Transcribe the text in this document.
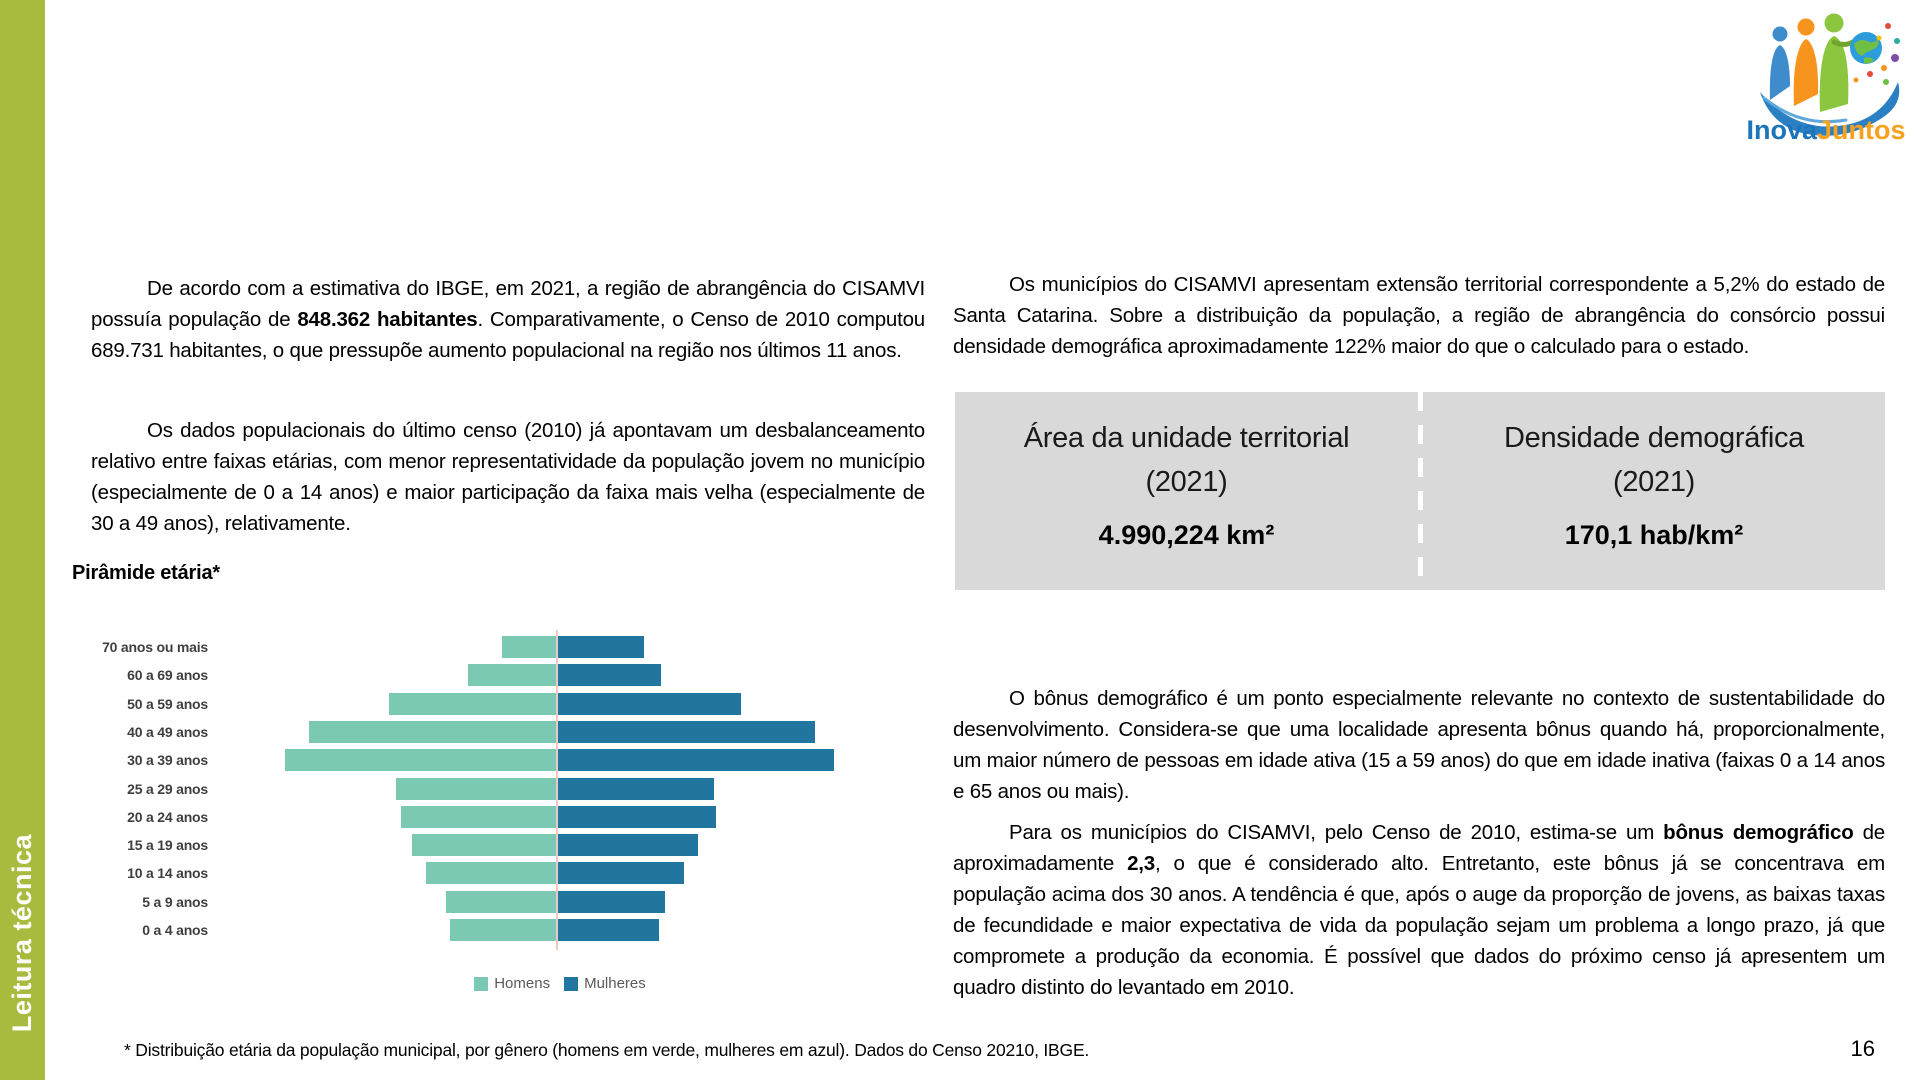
Leitura técnica
InovaJuntos

De acordo com a estimativa do IBGE, em 2021, a região de abrangência do CISAMVI possuía população de 848.362 habitantes. Comparativamente, o Censo de 2010 computou 689.731 habitantes, o que pressupõe aumento populacional na região nos últimos 11 anos.

Os dados populacionais do último censo (2010) já apontavam um desbalanceamento relativo entre faixas etárias, com menor representatividade da população jovem no município (especialmente de 0 a 14 anos) e maior participação da faixa mais velha (especialmente de 30 a 49 anos), relativamente.

Pirâmide etária*
Homens Mulheres
70 anos ou mais
60 a 69 anos
50 a 59 anos
40 a 49 anos
30 a 39 anos
25 a 29 anos
20 a 24 anos
15 a 19 anos
10 a 14 anos
5 a 9 anos
0 a 4 anos

Os municípios do CISAMVI apresentam extensão territorial correspondente a 5,2% do estado de Santa Catarina. Sobre a distribuição da população, a região de abrangência do consórcio possui densidade demográfica aproximadamente 122% maior do que o calculado para o estado.

Área da unidade territorial
(2021)
4.990,224 km²
Densidade demográfica
(2021)
170,1 hab/km²

O bônus demográfico é um ponto especialmente relevante no contexto de sustentabilidade do desenvolvimento. Considera-se que uma localidade apresenta bônus quando há, proporcionalmente, um maior número de pessoas em idade ativa (15 a 59 anos) do que em idade inativa (faixas 0 a 14 anos e 65 anos ou mais).

Para os municípios do CISAMVI, pelo Censo de 2010, estima-se um bônus demográfico de aproximadamente 2,3, o que é considerado alto. Entretanto, este bônus já se concentrava em população acima dos 30 anos. A tendência é que, após o auge da proporção de jovens, as baixas taxas de fecundidade e maior expectativa de vida da população sejam um problema a longo prazo, já que compromete a produção da economia. É possível que dados do próximo censo já apresentem um quadro distinto do levantado em 2010.

* Distribuição etária da população municipal, por gênero (homens em verde, mulheres em azul). Dados do Censo 20210, IBGE.	16
